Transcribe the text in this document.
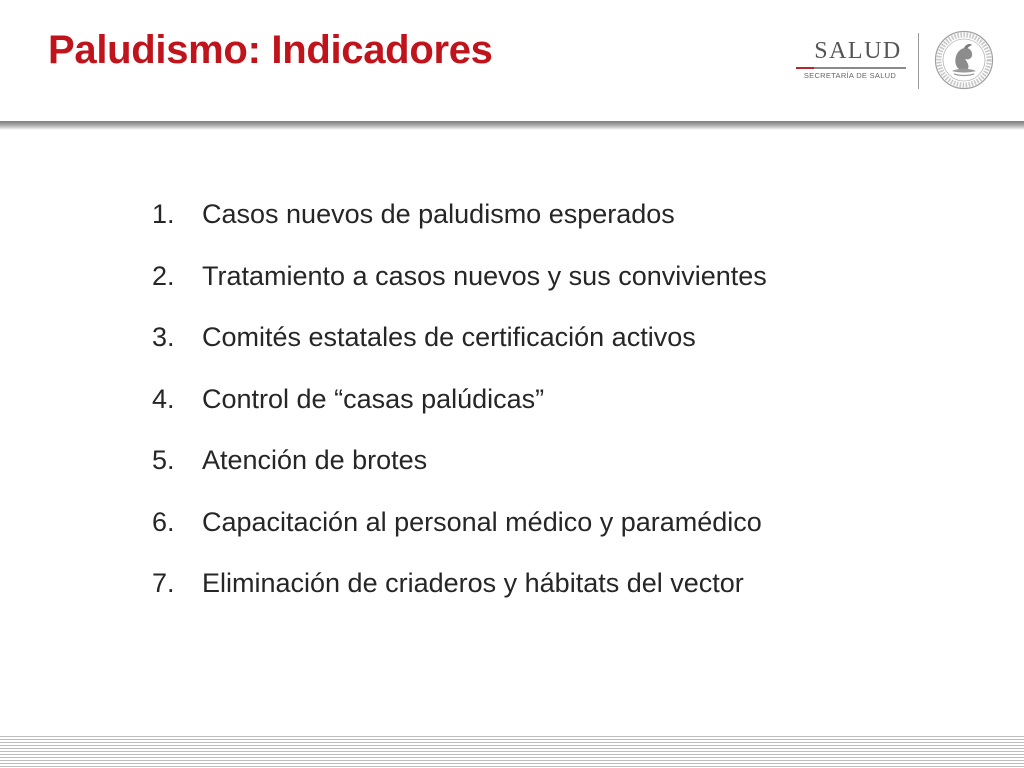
Paludismo: Indicadores	SALUD
SECRETARÍA DE SALUD
1. Casos nuevos de paludismo esperados
2. Tratamiento a casos nuevos y sus convivientes
3. Comités estatales de certificación activos
4. Control de “casas palúdicas”
5. Atención de brotes
6. Capacitación al personal médico y paramédico
7. Eliminación de criaderos y hábitats del vector
